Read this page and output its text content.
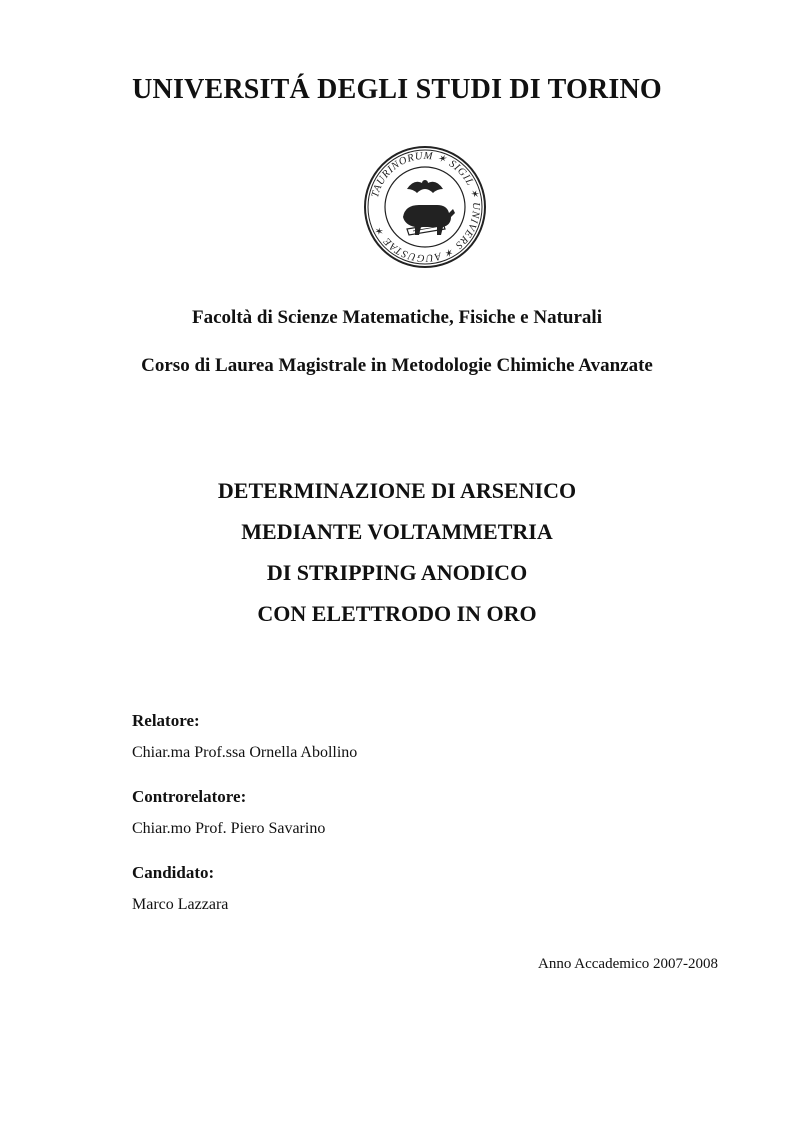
UNIVERSITÁ DEGLI STUDI DI TORINO
TAURINORUM ✶ SIGIL ✶ UNIVERS ✶ AUGUSTAE ✶
Facoltà di Scienze Matematiche, Fisiche e Naturali
Corso di Laurea Magistrale in Metodologie Chimiche Avanzate
DETERMINAZIONE DI ARSENICO
MEDIANTE VOLTAMMETRIA
DI STRIPPING ANODICO
CON ELETTRODO IN ORO
Relatore:
Chiar.ma Prof.ssa Ornella Abollino
Controrelatore:
Chiar.mo Prof. Piero Savarino
Candidato:
Marco Lazzara
Anno Accademico 2007-2008
